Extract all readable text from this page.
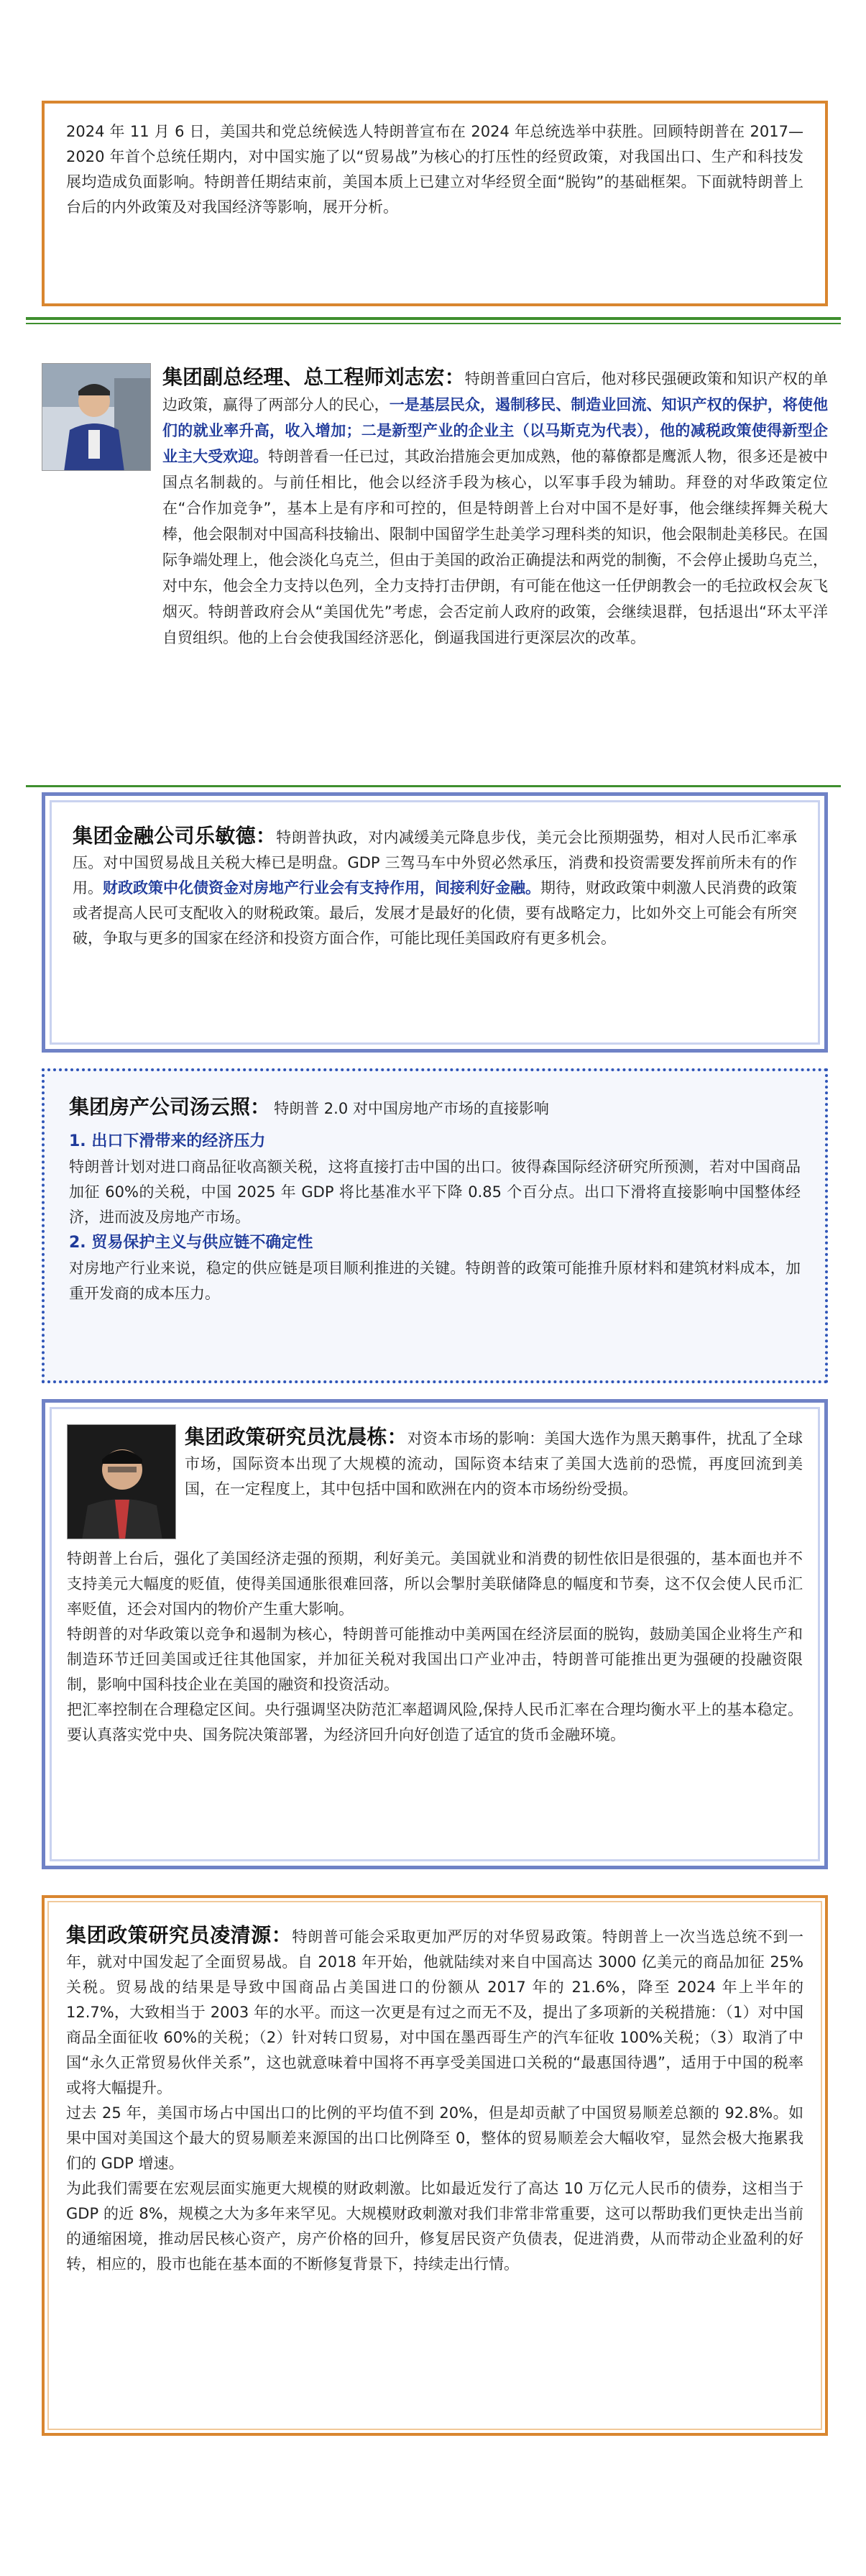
2024 年 11 月 6 日，美国共和党总统候选人特朗普宣布在 2024 年总统选举中获胜。回顾特朗普在 2017—2020 年首个总统任期内，对中国实施了以“贸易战”为核心的打压性的经贸政策，对我国出口、生产和科技发展均造成负面影响。特朗普任期结束前，美国本质上已建立对华经贸全面“脱钩”的基础框架。下面就特朗普上台后的内外政策及对我国经济等影响，展开分析。

集团副总经理、总工程师刘志宏：特朗普重回白宫后，他对移民强硬政策和知识产权的单边政策，赢得了两部分人的民心，一是基层民众，遏制移民、制造业回流、知识产权的保护，将使他们的就业率升高，收入增加；二是新型产业的企业主（以马斯克为代表），他的减税政策使得新型企业主大受欢迎。特朗普看一任已过，其政治措施会更加成熟，他的幕僚都是鹰派人物，很多还是被中国点名制裁的。与前任相比，他会以经济手段为核心，以军事手段为辅助。拜登的对华政策定位在“合作加竞争”，基本上是有序和可控的，但是特朗普上台对中国不是好事，他会继续挥舞关税大棒，他会限制对中国高科技输出、限制中国留学生赴美学习理科类的知识，他会限制赴美移民。在国际争端处理上，他会淡化乌克兰，但由于美国的政治正确提法和两党的制衡，不会停止援助乌克兰，对中东，他会全力支持以色列，全力支持打击伊朗，有可能在他这一任伊朗教会一的毛拉政权会灰飞烟灭。特朗普政府会从“美国优先”考虑，会否定前人政府的政策，会继续退群，包括退出“环太平洋自贸组织。他的上台会使我国经济恶化，倒逼我国进行更深层次的改革。
集团金融公司乐敏德：特朗普执政，对内减缓美元降息步伐，美元会比预期强势，相对人民币汇率承压。对中国贸易战且关税大棒已是明盘。GDP 三驾马车中外贸必然承压，消费和投资需要发挥前所未有的作用。财政政策中化债资金对房地产行业会有支持作用，间接利好金融。期待，财政政策中刺激人民消费的政策或者提高人民可支配收入的财税政策。最后，发展才是最好的化债，要有战略定力，比如外交上可能会有所突破，争取与更多的国家在经济和投资方面合作，可能比现任美国政府有更多机会。
集团房产公司汤云照： 特朗普 2.0 对中国房地产市场的直接影响
1. 出口下滑带来的经济压力

特朗普计划对进口商品征收高额关税，这将直接打击中国的出口。彼得森国际经济研究所预测，若对中国商品加征 60%的关税，中国 2025 年 GDP 将比基准水平下降 0.85 个百分点。出口下滑将直接影响中国整体经济，进而波及房地产市场。

2. 贸易保护主义与供应链不确定性

对房地产行业来说，稳定的供应链是项目顺利推进的关键。特朗普的政策可能推升原材料和建筑材料成本，加重开发商的成本压力。

集团政策研究员沈晨栋：对资本市场的影响：美国大选作为黑天鹅事件，扰乱了全球市场，国际资本出现了大规模的流动，国际资本结束了美国大选前的恐慌，再度回流到美国，在一定程度上，其中包括中国和欧洲在内的资本市场纷纷受损。

特朗普上台后，强化了美国经济走强的预期，利好美元。美国就业和消费的韧性依旧是很强的，基本面也并不支持美元大幅度的贬值，使得美国通胀很难回落，所以会掣肘美联储降息的幅度和节奏，这不仅会使人民币汇率贬值，还会对国内的物价产生重大影响。

特朗普的对华政策以竞争和遏制为核心，特朗普可能推动中美两国在经济层面的脱钩，鼓励美国企业将生产和制造环节迁回美国或迁往其他国家，并加征关税对我国出口产业冲击，特朗普可能推出更为强硬的投融资限制，影响中国科技企业在美国的融资和投资活动。

把汇率控制在合理稳定区间。央行强调坚决防范汇率超调风险,保持人民币汇率在合理均衡水平上的基本稳定。要认真落实党中央、国务院决策部署，为经济回升向好创造了适宜的货币金融环境。

集团政策研究员凌清源：特朗普可能会采取更加严厉的对华贸易政策。特朗普上一次当选总统不到一年，就对中国发起了全面贸易战。自 2018 年开始，他就陆续对来自中国高达 3000 亿美元的商品加征 25%关税。贸易战的结果是导致中国商品占美国进口的份额从 2017 年的 21.6%，降至 2024 年上半年的 12.7%，大致相当于 2003 年的水平。而这一次更是有过之而无不及，提出了多项新的关税措施：（1）对中国商品全面征收 60%的关税；（2）针对转口贸易，对中国在墨西哥生产的汽车征收 100%关税；（3）取消了中国“永久正常贸易伙伴关系”，这也就意味着中国将不再享受美国进口关税的“最惠国待遇”，适用于中国的税率或将大幅提升。

过去 25 年，美国市场占中国出口的比例的平均值不到 20%，但是却贡献了中国贸易顺差总额的 92.8%。如果中国对美国这个最大的贸易顺差来源国的出口比例降至 0，整体的贸易顺差会大幅收窄，显然会极大拖累我们的 GDP 增速。

为此我们需要在宏观层面实施更大规模的财政刺激。比如最近发行了高达 10 万亿元人民币的债券，这相当于 GDP 的近 8%，规模之大为多年来罕见。大规模财政刺激对我们非常非常重要，这可以帮助我们更快走出当前的通缩困境，推动居民核心资产，房产价格的回升，修复居民资产负债表，促进消费，从而带动企业盈利的好转，相应的，股市也能在基本面的不断修复背景下，持续走出行情。
